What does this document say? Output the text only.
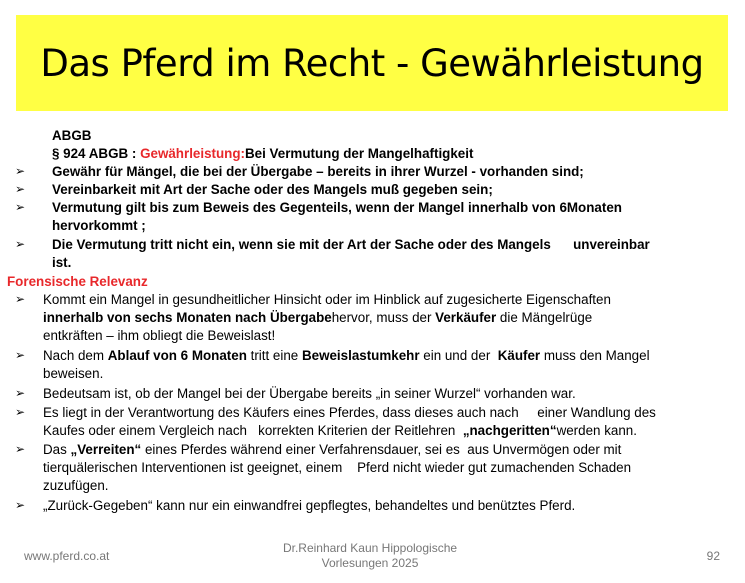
Das Pferd im Recht - Gewährleistung
ABGB
§ 924 ABGB : Gewährleistung:Bei Vermutung der Mangelhaftigkeit
➢ Gewähr für Mängel, die bei der Übergabe – bereits in ihrer Wurzel - vorhanden sind;
➢ Vereinbarkeit mit Art der Sache oder des Mangels muß gegeben sein;
➢ Vermutung gilt bis zum Beweis des Gegenteils, wenn der Mangel innerhalb von 6Monaten
hervorkommt ;
➢ Die Vermutung tritt nicht ein, wenn sie mit der Art der Sache oder des Mangels      unvereinbar
ist.
Forensische Relevanz
➢ Kommt ein Mangel in gesundheitlicher Hinsicht oder im Hinblick auf zugesicherte Eigenschaften
innerhalb von sechs Monaten nach Übergabehervor, muss der Verkäufer die Mängelrüge
entkräften – ihm obliegt die Beweislast!
➢ Nach dem Ablauf von 6 Monaten tritt eine Beweislastumkehr ein und der  Käufer muss den Mangel
beweisen.
➢ Bedeutsam ist, ob der Mangel bei der Übergabe bereits „in seiner Wurzel“ vorhanden war.
➢ Es liegt in der Verantwortung des Käufers eines Pferdes, dass dieses auch nach     einer Wandlung des
Kaufes oder einem Vergleich nach   korrekten Kriterien der Reitlehren  „nachgeritten“werden kann.
➢ Das „Verreiten“ eines Pferdes während einer Verfahrensdauer, sei es  aus Unvermögen oder mit
tierquälerischen Interventionen ist geeignet, einem    Pferd nicht wieder gut zumachenden Schaden
zuzufügen.
➢ „Zurück-Gegeben“ kann nur ein einwandfrei gepflegtes, behandeltes und benütztes Pferd.
www.pferd.co.at
Dr.Reinhard Kaun Hippologische
Vorlesungen 2025	92
